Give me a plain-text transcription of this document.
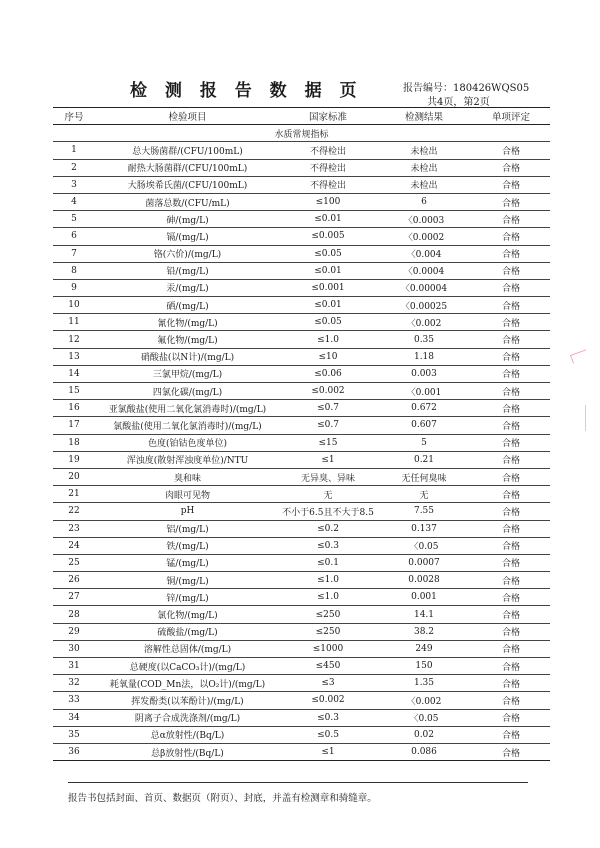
检 测 报 告 数 据 页	报告编号：180426WQS05
共4页，第2页
序号	检验项目	国家标准	检测结果	单项评定
水质常规指标
1	总大肠菌群/(CFU/100mL)	不得检出	未检出	合格
2	耐热大肠菌群/(CFU/100mL)	不得检出	未检出	合格
3	大肠埃希氏菌/(CFU/100mL)	不得检出	未检出	合格
4	菌落总数/(CFU/mL)	≤100	6	合格
5	砷/(mg/L)	≤0.01	〈0.0003	合格
6	镉/(mg/L)	≤0.005	〈0.0002	合格
7	铬(六价)/(mg/L)	≤0.05	〈0.004	合格
8	铅/(mg/L)	≤0.01	〈0.0004	合格
9	汞/(mg/L)	≤0.001	〈0.00004	合格
10	硒/(mg/L)	≤0.01	〈0.00025	合格
11	氰化物/(mg/L)	≤0.05	〈0.002	合格
12	氟化物/(mg/L)	≤1.0	0.35	合格
13	硝酸盐(以N计)/(mg/L)	≤10	1.18	合格
14	三氯甲烷/(mg/L)	≤0.06	0.003	合格
15	四氯化碳/(mg/L)	≤0.002	〈0.001	合格
16	亚氯酸盐(使用二氧化氯消毒时)/(mg/L)	≤0.7	0.672	合格
17	氯酸盐(使用二氧化氯消毒时)/(mg/L)	≤0.7	0.607	合格
18	色度(铂钴色度单位)	≤15	5	合格
19	浑浊度(散射浑浊度单位)/NTU	≤1	0.21	合格
20	臭和味	无异臭、异味	无任何臭味	合格
21	肉眼可见物	无	无	合格
22	pH	不小于6.5且不大于8.5	7.55	合格
23	铝/(mg/L)	≤0.2	0.137	合格
24	铁/(mg/L)	≤0.3	〈0.05	合格
25	锰/(mg/L)	≤0.1	0.0007	合格
26	铜/(mg/L)	≤1.0	0.0028	合格
27	锌/(mg/L)	≤1.0	0.001	合格
28	氯化物/(mg/L)	≤250	14.1	合格
29	硫酸盐/(mg/L)	≤250	38.2	合格
30	溶解性总固体/(mg/L)	≤1000	249	合格
31	总硬度(以CaCO₃计)/(mg/L)	≤450	150	合格
32	耗氧量(COD_Mn法，以O₂计)/(mg/L)	≤3	1.35	合格
33	挥发酚类(以苯酚计)/(mg/L)	≤0.002	〈0.002	合格
34	阴离子合成洗涤剂/(mg/L)	≤0.3	〈0.05	合格
35	总α放射性/(Bq/L)	≤0.5	0.02	合格
36	总β放射性/(Bq/L)	≤1	0.086	合格
报告书包括封面、首页、数据页（附页）、封底，并盖有检测章和骑缝章。
